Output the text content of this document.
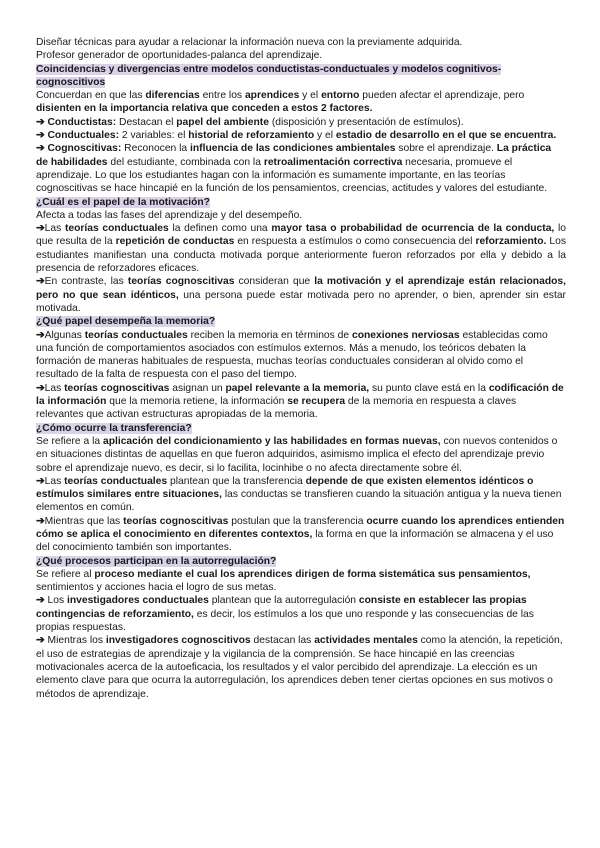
Diseñar técnicas para ayudar a relacionar la información nueva con la previamente adquirida.

Profesor generador de oportunidades-palanca del aprendizaje.

Coincidencias y divergencias entre modelos conductistas-conductuales y modelos cognitivos-cognoscitivos

Concuerdan en que las diferencias entre los aprendices y el entorno pueden afectar el aprendizaje, pero disienten en la importancia relativa que conceden a estos 2 factores.

➔ Conductistas: Destacan el papel del ambiente (disposición y presentación de estímulos).

➔ Conductuales: 2 variables: el historial de reforzamiento y el estadio de desarrollo en el que se encuentra.

➔ Cognoscitivas: Reconocen la influencia de las condiciones ambientales sobre el aprendizaje. La práctica de habilidades del estudiante, combinada con la retroalimentación correctiva necesaria, promueve el aprendizaje. Lo que los estudiantes hagan con la información es sumamente importante, en las teorías cognoscitivas se hace hincapié en la función de los pensamientos, creencias, actitudes y valores del estudiante.

¿Cuál es el papel de la motivación?

Afecta a todas las fases del aprendizaje y del desempeño.

➔Las teorías conductuales la definen como una mayor tasa o probabilidad de ocurrencia de la conducta, lo que resulta de la repetición de conductas en respuesta a estímulos o como consecuencia del reforzamiento. Los estudiantes manifiestan una conducta motivada porque anteriormente fueron reforzados por ella y debido a la presencia de reforzadores eficaces.

➔En contraste, las teorías cognoscitivas consideran que la motivación y el aprendizaje están relacionados, pero no que sean idénticos, una persona puede estar motivada pero no aprender, o bien, aprender sin estar motivada.

¿Qué papel desempeña la memoria?

➔Algunas teorías conductuales reciben la memoria en términos de conexiones nerviosas establecidas como una función de comportamientos asociados con estímulos externos. Más a menudo, los teóricos debaten la formación de maneras habituales de respuesta, muchas teorías conductuales consideran al olvido como el resultado de la falta de respuesta con el paso del tiempo.

➔Las teorías cognoscitivas asignan un papel relevante a la memoria, su punto clave está en la codificación de la información que la memoria retiene, la información se recupera de la memoria en respuesta a claves relevantes que activan estructuras apropiadas de la memoria.

¿Cómo ocurre la transferencia?

Se refiere a la aplicación del condicionamiento y las habilidades en formas nuevas, con nuevos contenidos o en situaciones distintas de aquellas en que fueron adquiridos, asimismo implica el efecto del aprendizaje previo sobre el aprendizaje nuevo, es decir, si lo facilita, locinhibe o no afecta directamente sobre él.

➔Las teorías conductuales plantean que la transferencia depende de que existen elementos idénticos o estímulos similares entre situaciones, las conductas se transfieren cuando la situación antigua y la nueva tienen elementos en común.

➔Mientras que las teorías cognoscitivas postulan que la transferencia ocurre cuando los aprendices entienden cómo se aplica el conocimiento en diferentes contextos, la forma en que la información se almacena y el uso del conocimiento también son importantes.

¿Qué procesos participan en la autorregulación?

Se refiere al proceso mediante el cual los aprendices dirigen de forma sistemática sus pensamientos, sentimientos y acciones hacia el logro de sus metas.

➔ Los investigadores conductuales plantean que la autorregulación consiste en establecer las propias contingencias de reforzamiento, es decir, los estímulos a los que uno responde y las consecuencias de las propias respuestas.

➔ Mientras los investigadores cognoscitivos destacan las actividades mentales como la atención, la repetición, el uso de estrategias de aprendizaje y la vigilancia de la comprensión. Se hace hincapié en las creencias motivacionales acerca de la autoeficacia, los resultados y el valor percibido del aprendizaje. La elección es un elemento clave para que ocurra la autorregulación, los aprendices deben tener ciertas opciones en sus motivos o métodos de aprendizaje.
